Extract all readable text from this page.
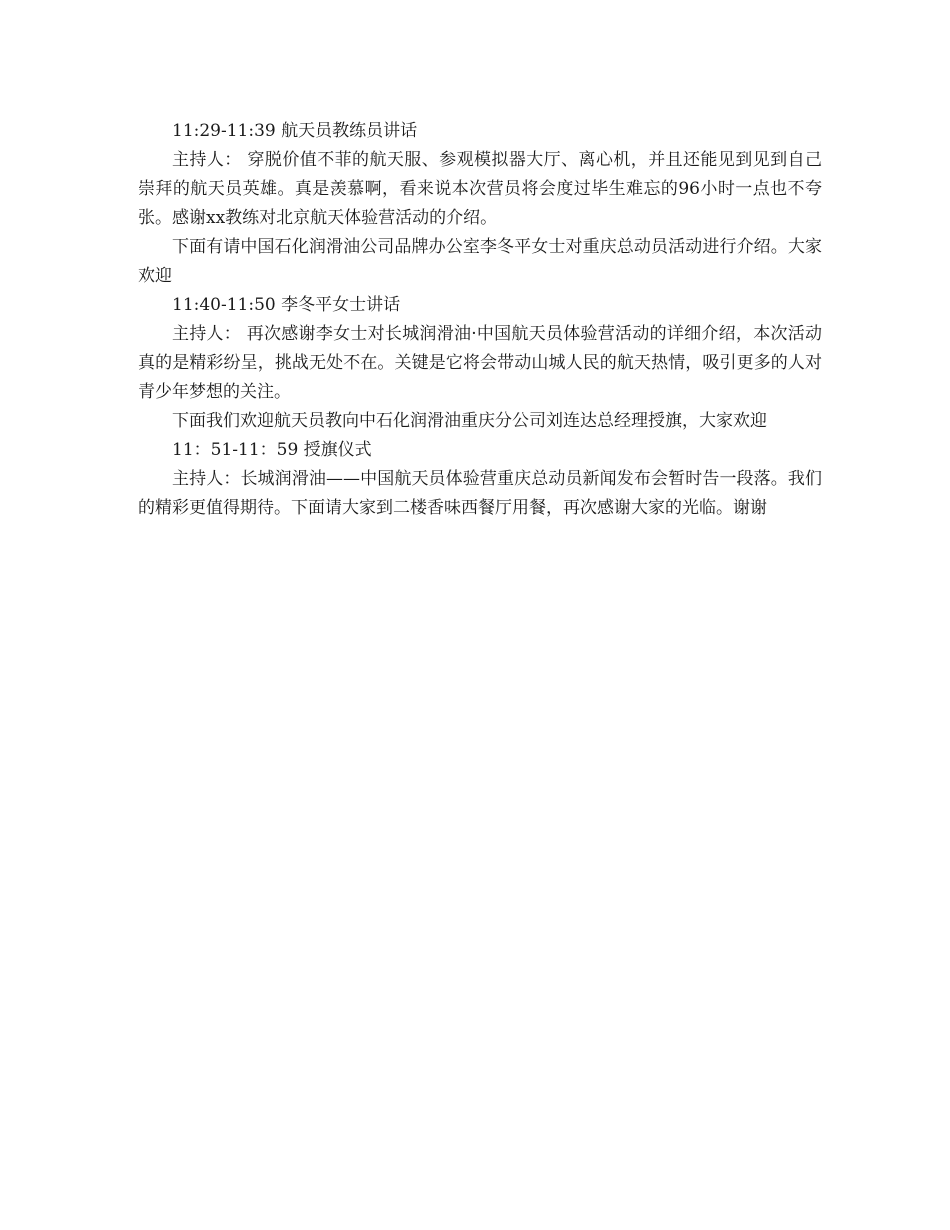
11:29-11:39 航天员教练员讲话

主持人： 穿脱价值不菲的航天服、参观模拟器大厅、离心机，并且还能见到见到自己崇拜的航天员英雄。真是羡慕啊，看来说本次营员将会度过毕生难忘的96小时一点也不夸张。感谢xx教练对北京航天体验营活动的介绍。

下面有请中国石化润滑油公司品牌办公室李冬平女士对重庆总动员活动进行介绍。大家欢迎

11:40-11:50 李冬平女士讲话

主持人： 再次感谢李女士对长城润滑油·中国航天员体验营活动的详细介绍，本次活动真的是精彩纷呈，挑战无处不在。关键是它将会带动山城人民的航天热情，吸引更多的人对青少年梦想的关注。

下面我们欢迎航天员教向中石化润滑油重庆分公司刘连达总经理授旗，大家欢迎

11：51-11：59 授旗仪式

主持人：长城润滑油——中国航天员体验营重庆总动员新闻发布会暂时告一段落。我们的精彩更值得期待。下面请大家到二楼香味西餐厅用餐，再次感谢大家的光临。谢谢
